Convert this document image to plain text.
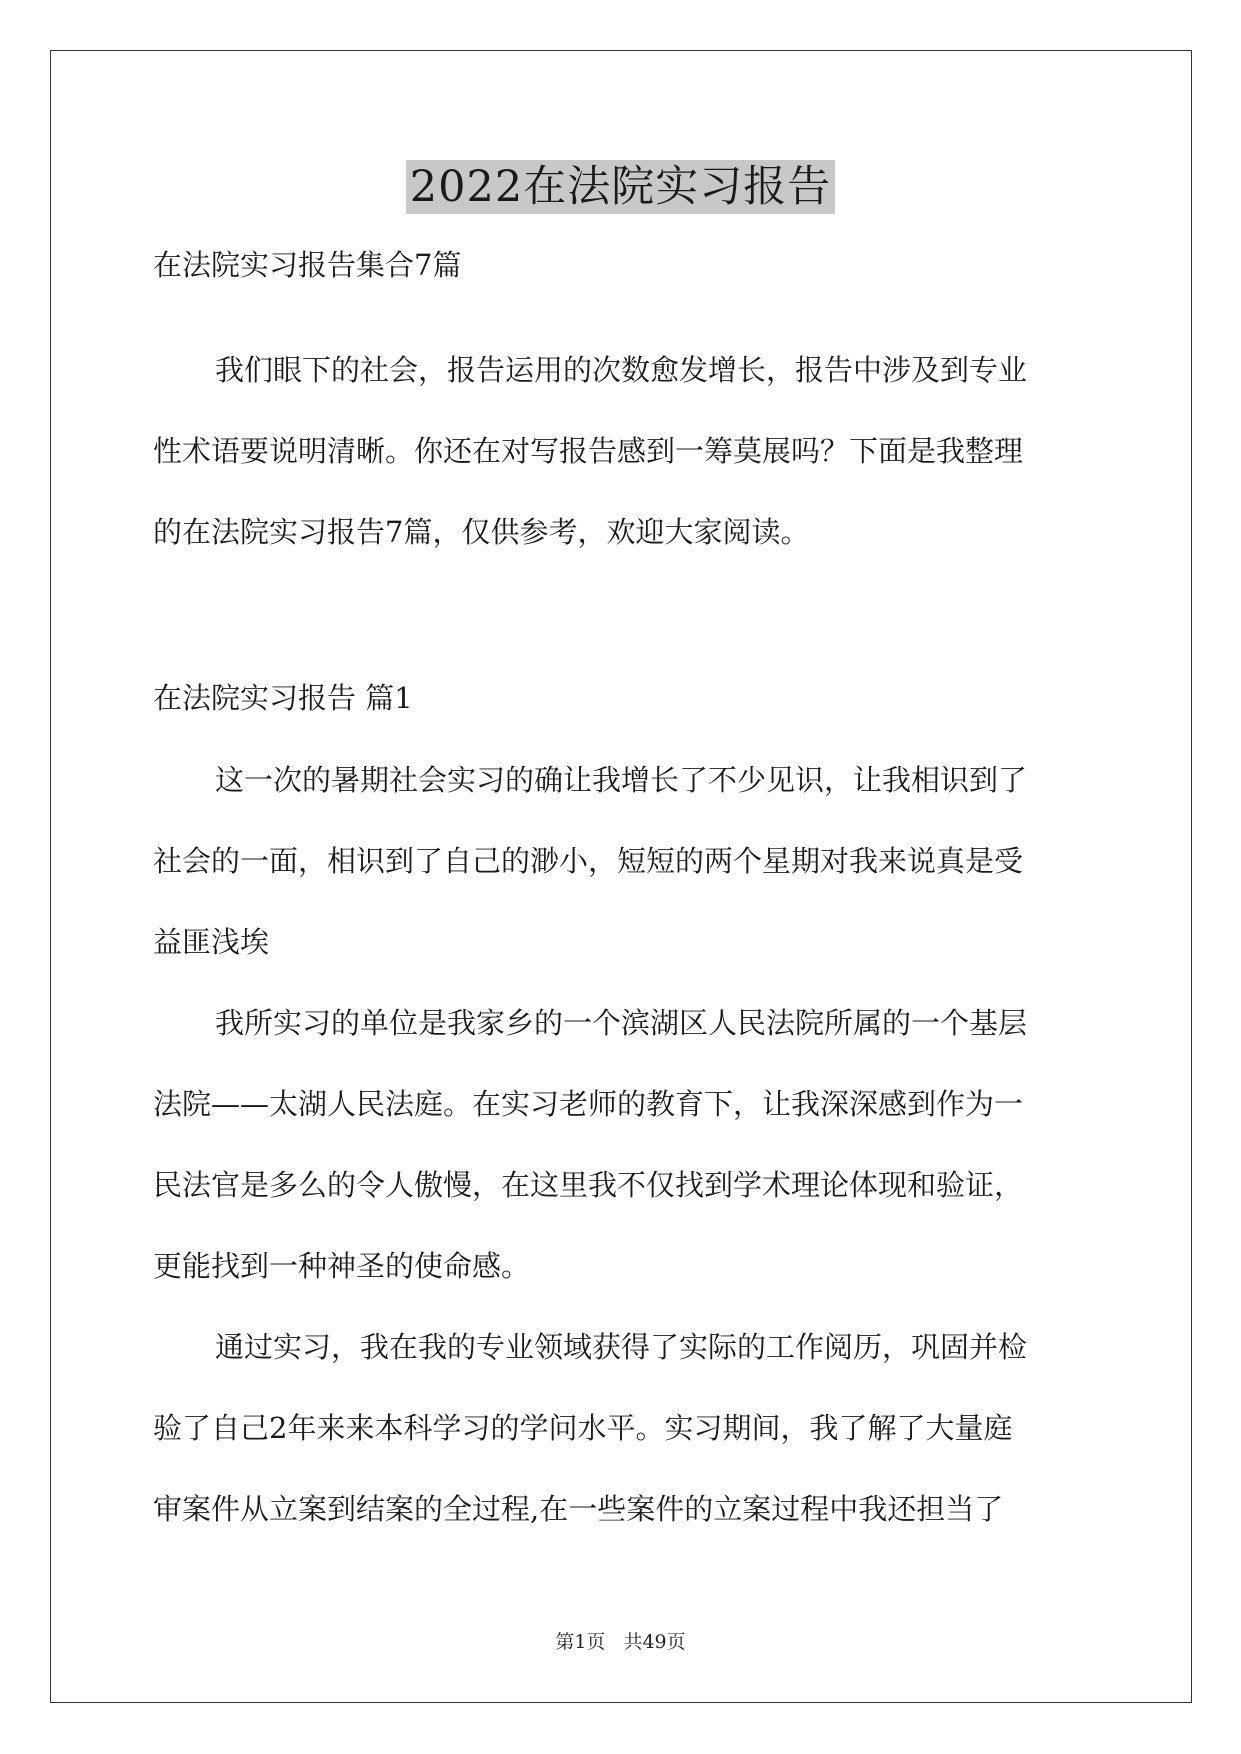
2022在法院实习报告
在法院实习报告集合7篇
我们眼下的社会，报告运用的次数愈发增长，报告中涉及到专业
性术语要说明清晰。你还在对写报告感到一筹莫展吗？下面是我整理
的在法院实习报告7篇，仅供参考，欢迎大家阅读。
在法院实习报告 篇1
这一次的暑期社会实习的确让我增长了不少见识，让我相识到了
社会的一面，相识到了自己的渺小，短短的两个星期对我来说真是受
益匪浅埃
我所实习的单位是我家乡的一个滨湖区人民法院所属的一个基层
法院——太湖人民法庭。在实习老师的教育下，让我深深感到作为一
民法官是多么的令人傲慢，在这里我不仅找到学术理论体现和验证，
更能找到一种神圣的使命感。
通过实习，我在我的专业领域获得了实际的工作阅历，巩固并检
验了自己2年来来本科学习的学问水平。实习期间，我了解了大量庭
审案件从立案到结案的全过程,在一些案件的立案过程中我还担当了
第1页 共49页
